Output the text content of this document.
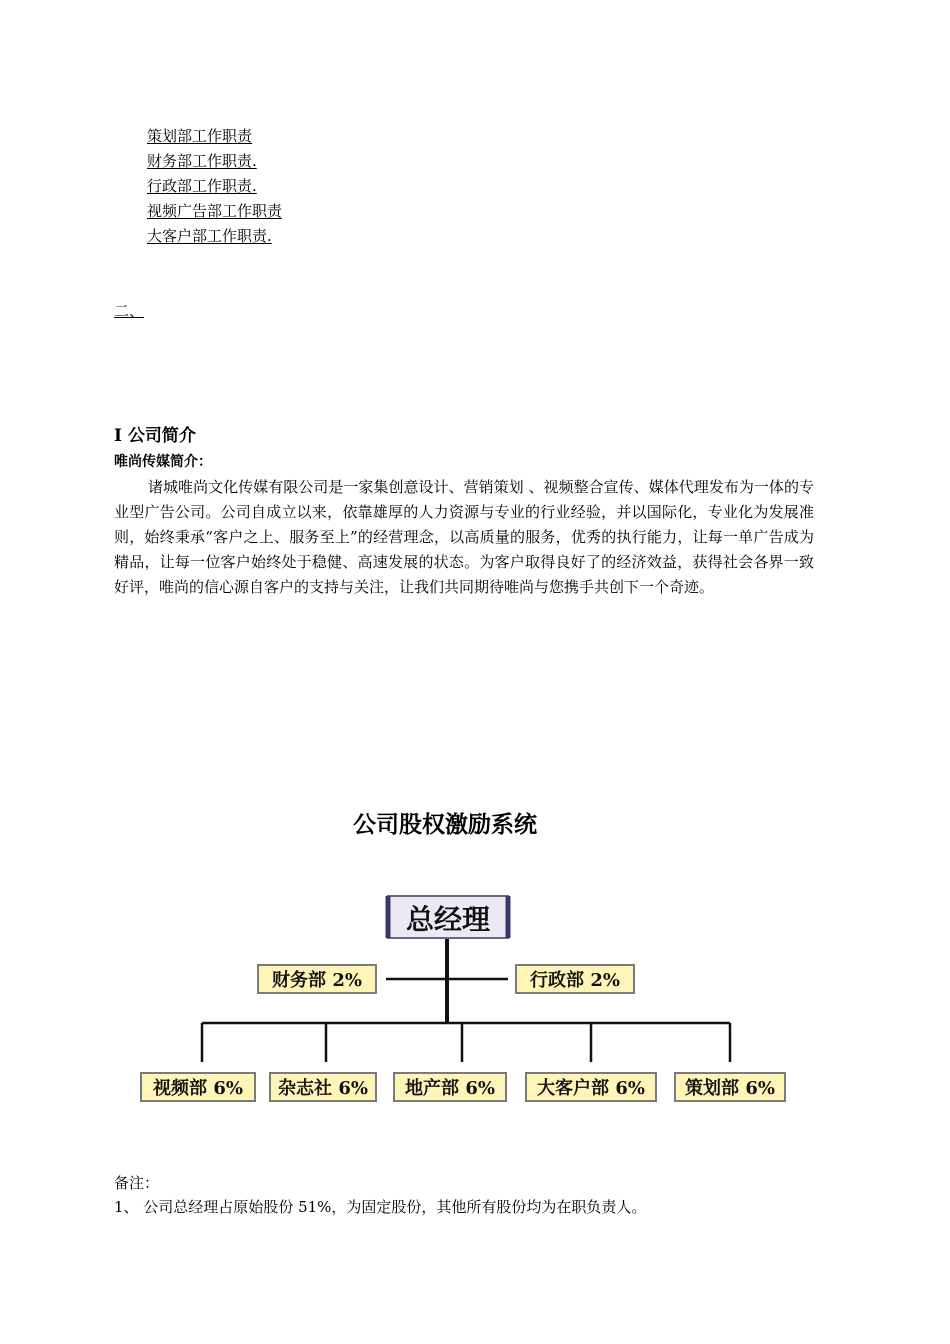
策划部工作职责
财务部工作职责.
行政部工作职责.
视频广告部工作职责
大客户部工作职责.
二、
I 公司简介
唯尚传媒简介：

诸城唯尚文化传媒有限公司是一家集创意设计、营销策划 、视频整合宣传、媒体代理发布为一体的专业型广告公司。公司自成立以来，依靠雄厚的人力资源与专业的行业经验，并以国际化，专业化为发展准则，始终秉承“客户之上、服务至上”的经营理念，以高质量的服务，优秀的执行能力，让每一单广告成为精品，让每一位客户始终处于稳健、高速发展的状态。为客户取得良好了的经济效益，获得社会各界一致好评，唯尚的信心源自客户的支持与关注，让我们共同期待唯尚与您携手共创下一个奇迹。

公司股权激励系统
总经理
财务部 2%	行政部 2%
视频部 6% 杂志社 6% 地产部 6% 大客户部 6% 策划部 6%
备注：
1、 公司总经理占原始股份 51%，为固定股份，其他所有股份均为在职负责人。
